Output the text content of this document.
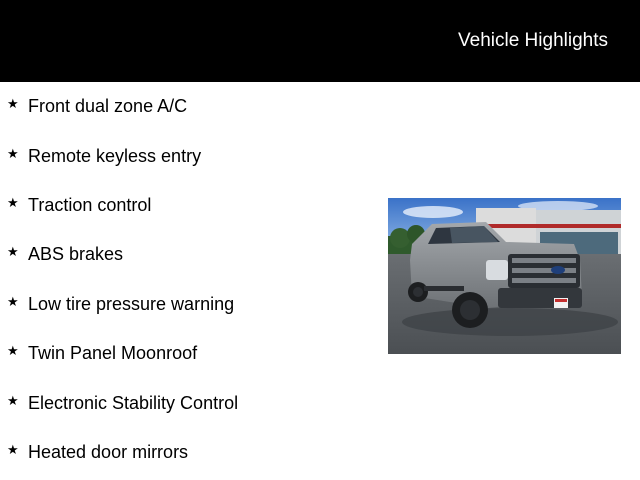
Vehicle Highlights
★ Front dual zone A/C
★ Remote keyless entry
★ Traction control
★ ABS brakes
★ Low tire pressure warning
★ Twin Panel Moonroof
★ Electronic Stability Control
★ Heated door mirrors
